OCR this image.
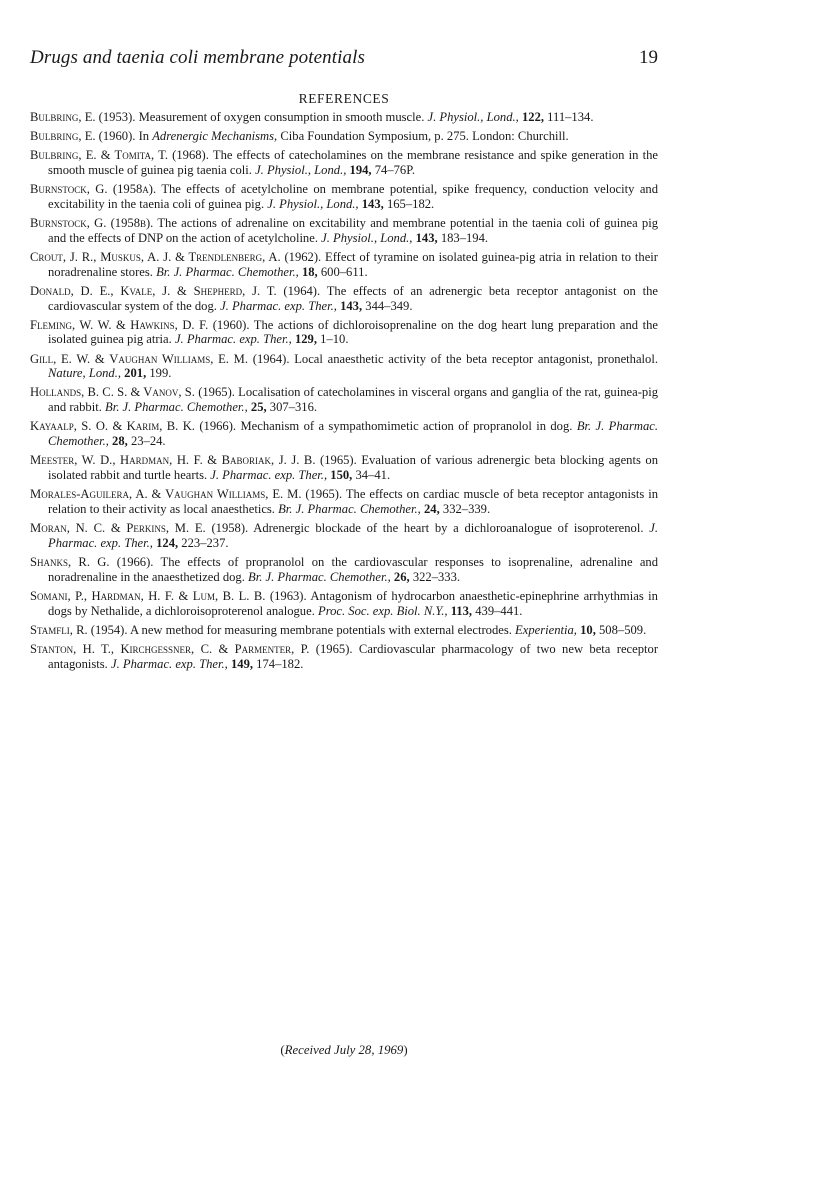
Drugs and taenia coli membrane potentials	19
REFERENCES
Bulbring, E. (1953). Measurement of oxygen consumption in smooth muscle. J. Physiol., Lond., 122, 111–134.
Bulbring, E. (1960). In Adrenergic Mechanisms, Ciba Foundation Symposium, p. 275. London: Churchill.
Bulbring, E. & Tomita, T. (1968). The effects of catecholamines on the membrane resistance and spike generation in the smooth muscle of guinea pig taenia coli. J. Physiol., Lond., 194, 74–76P.
Burnstock, G. (1958a). The effects of acetylcholine on membrane potential, spike frequency, conduction velocity and excitability in the taenia coli of guinea pig. J. Physiol., Lond., 143, 165–182.
Burnstock, G. (1958b). The actions of adrenaline on excitability and membrane potential in the taenia coli of guinea pig and the effects of DNP on the action of acetylcholine. J. Physiol., Lond., 143, 183–194.
Crout, J. R., Muskus, A. J. & Trendlenberg, A. (1962). Effect of tyramine on isolated guinea-pig atria in relation to their noradrenaline stores. Br. J. Pharmac. Chemother., 18, 600–611.
Donald, D. E., Kvale, J. & Shepherd, J. T. (1964). The effects of an adrenergic beta receptor antagonist on the cardiovascular system of the dog. J. Pharmac. exp. Ther., 143, 344–349.
Fleming, W. W. & Hawkins, D. F. (1960). The actions of dichloroisoprenaline on the dog heart lung preparation and the isolated guinea pig atria. J. Pharmac. exp. Ther., 129, 1–10.
Gill, E. W. & Vaughan Williams, E. M. (1964). Local anaesthetic activity of the beta receptor antagonist, pronethalol. Nature, Lond., 201, 199.
Hollands, B. C. S. & Vanov, S. (1965). Localisation of catecholamines in visceral organs and ganglia of the rat, guinea-pig and rabbit. Br. J. Pharmac. Chemother., 25, 307–316.
Kayaalp, S. O. & Karim, B. K. (1966). Mechanism of a sympathomimetic action of propranolol in dog. Br. J. Pharmac. Chemother., 28, 23–24.
Meester, W. D., Hardman, H. F. & Baboriak, J. J. B. (1965). Evaluation of various adrenergic beta blocking agents on isolated rabbit and turtle hearts. J. Pharmac. exp. Ther., 150, 34–41.
Morales-Aguilera, A. & Vaughan Williams, E. M. (1965). The effects on cardiac muscle of beta receptor antagonists in relation to their activity as local anaesthetics. Br. J. Pharmac. Chemother., 24, 332–339.
Moran, N. C. & Perkins, M. E. (1958). Adrenergic blockade of the heart by a dichloroanalogue of isoproterenol. J. Pharmac. exp. Ther., 124, 223–237.
Shanks, R. G. (1966). The effects of propranolol on the cardiovascular responses to isoprenaline, adrenaline and noradrenaline in the anaesthetized dog. Br. J. Pharmac. Chemother., 26, 322–333.
Somani, P., Hardman, H. F. & Lum, B. L. B. (1963). Antagonism of hydrocarbon anaesthetic-epinephrine arrhythmias in dogs by Nethalide, a dichloroisoproterenol analogue. Proc. Soc. exp. Biol. N.Y., 113, 439–441.
Stamfli, R. (1954). A new method for measuring membrane potentials with external electrodes. Experientia, 10, 508–509.
Stanton, H. T., Kirchgessner, C. & Parmenter, P. (1965). Cardiovascular pharmacology of two new beta receptor antagonists. J. Pharmac. exp. Ther., 149, 174–182.
(Received July 28, 1969)
